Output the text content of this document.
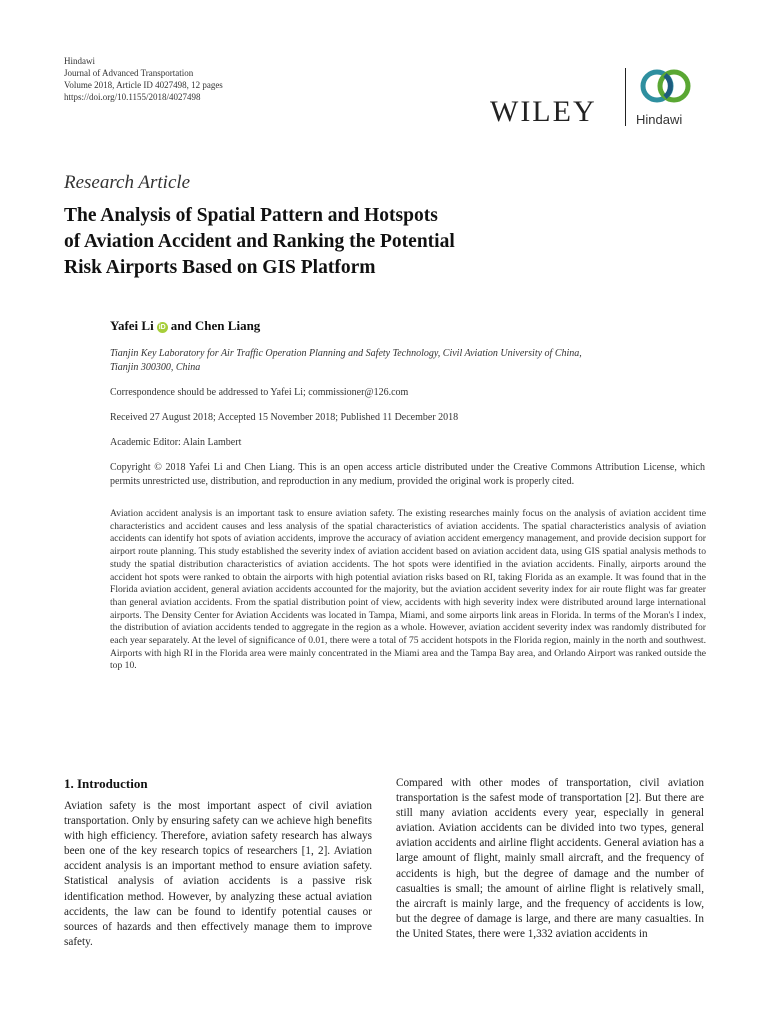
Hindawi
Journal of Advanced Transportation
Volume 2018, Article ID 4027498, 12 pages
https://doi.org/10.1155/2018/4027498	WILEY	Hindawi
Research Article
The Analysis of Spatial Pattern and Hotspots
of Aviation Accident and Ranking the Potential
Risk Airports Based on GIS Platform
Yafei Li iD and Chen Liang
Tianjin Key Laboratory for Air Traffic Operation Planning and Safety Technology, Civil Aviation University of China,
Tianjin 300300, China
Correspondence should be addressed to Yafei Li; commissioner@126.com
Received 27 August 2018; Accepted 15 November 2018; Published 11 December 2018
Academic Editor: Alain Lambert
Copyright © 2018 Yafei Li and Chen Liang. This is an open access article distributed under the Creative Commons Attribution License, which permits unrestricted use, distribution, and reproduction in any medium, provided the original work is properly cited.
Aviation accident analysis is an important task to ensure aviation safety. The existing researches mainly focus on the analysis of aviation accident time characteristics and accident causes and less analysis of the spatial characteristics of aviation accidents. The spatial characteristics analysis of aviation accidents can identify hot spots of aviation accidents, improve the accuracy of aviation accident emergency management, and provide decision support for airport route planning. This study established the severity index of aviation accident based on aviation accident data, using GIS spatial analysis methods to study the spatial distribution characteristics of aviation accidents. The hot spots were identified in the aviation accidents. Finally, airports around the accident hot spots were ranked to obtain the airports with high potential aviation risks based on RI, taking Florida as an example. It was found that in the Florida aviation accident, general aviation accidents accounted for the majority, but the aviation accident severity index for air route flight was far greater than general aviation accidents. From the spatial distribution point of view, accidents with high severity index were distributed around large international airports. The Density Center for Aviation Accidents was located in Tampa, Miami, and some airports link areas in Florida. In terms of the Moran's I index, the distribution of aviation accidents tended to aggregate in the region as a whole. However, aviation accident severity index was randomly distributed for each year separately. At the level of significance of 0.01, there were a total of 75 accident hotspots in the Florida region, mainly in the north and southwest. Airports with high RI in the Florida area were mainly concentrated in the Miami area and the Tampa Bay area, and Orlando Airport was ranked outside the top 10.
1. Introduction
Aviation safety is the most important aspect of civil aviation transportation. Only by ensuring safety can we achieve high benefits with high efficiency. Therefore, aviation safety research has always been one of the key research topics of researchers [1, 2]. Aviation accident analysis is an important method to ensure aviation safety. Statistical analysis of aviation accidents is a passive risk identification method. However, by analyzing these actual aviation accidents, the law can be found to identify potential causes or sources of hazards and then effectively manage them to improve safety.
Compared with other modes of transportation, civil aviation transportation is the safest mode of transportation [2]. But there are still many aviation accidents every year, especially in general aviation. Aviation accidents can be divided into two types, general aviation accidents and airline flight accidents. General aviation has a large amount of flight, mainly small aircraft, and the frequency of accidents is high, but the degree of damage and the number of casualties is small; the amount of airline flight is relatively small, the aircraft is mainly large, and the frequency of accidents is low, but the degree of damage is large, and there are many casualties. In the United States, there were 1,332 aviation accidents in
